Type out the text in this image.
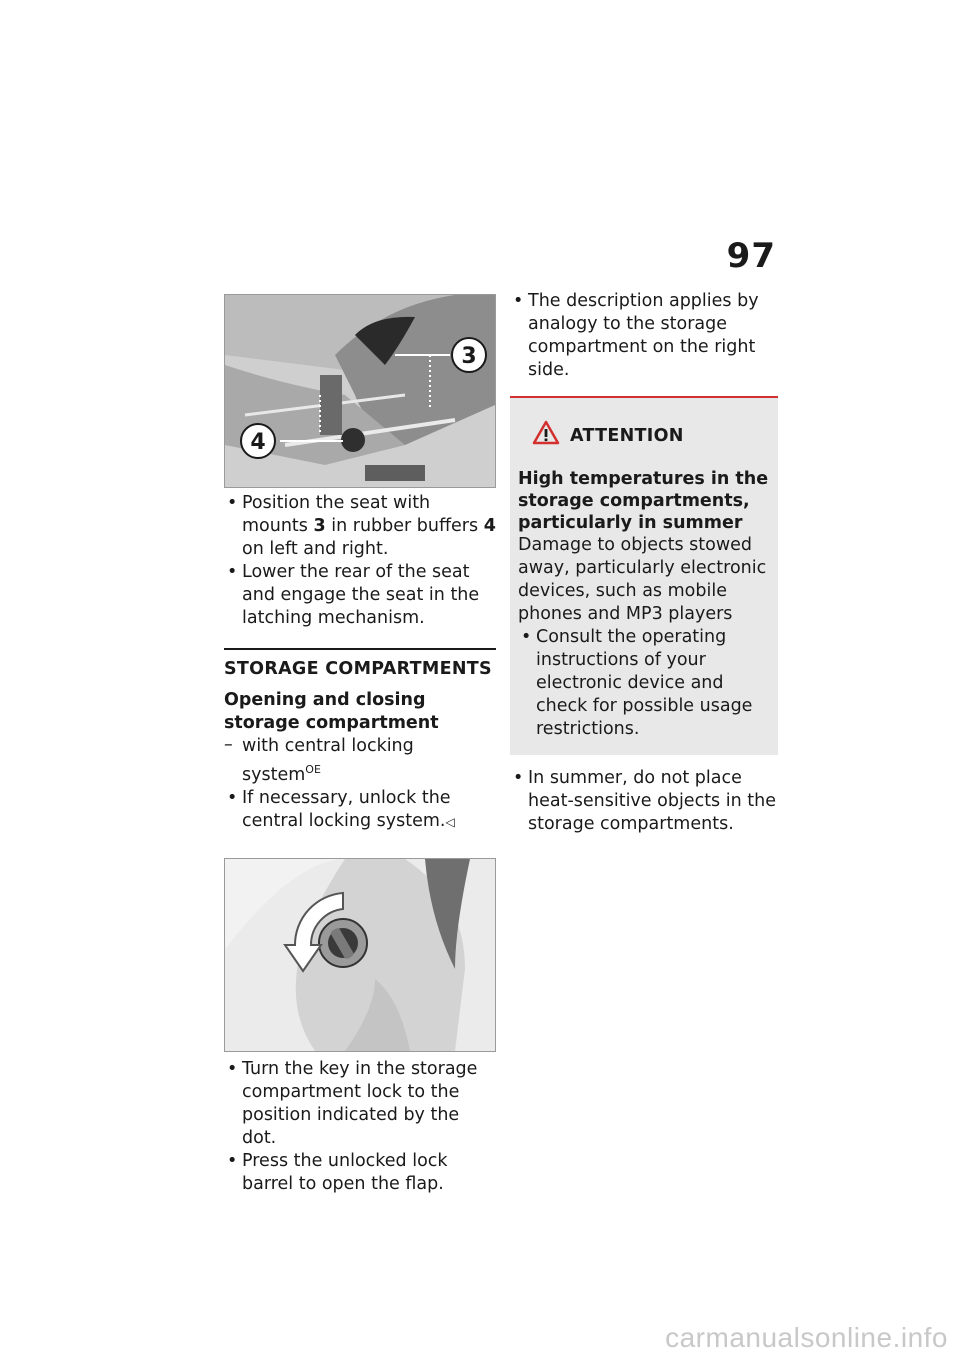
97
3
4
• Position the seat with mounts 3 in rubber buffers 4 on left and right.
• Lower the rear of the seat and engage the seat in the latching mechanism.
STORAGE COMPARTMENTS
Opening and closing storage compartment
– with central locking system$^{OE}$
• If necessary, unlock the central locking system.◁
• Turn the key in the storage compartment lock to the position indicated by the dot.
• Press the unlocked lock barrel to open the flap.
• The description applies by analogy to the storage compartment on the right side.
ATTENTION
High temperatures in the storage compartments, particularly in summer
Damage to objects stowed away, particularly electronic devices, such as mobile phones and MP3 players
• Consult the operating instructions of your electronic device and check for possible usage restrictions.
• In summer, do not place heat-sensitive objects in the storage compartments.
carmanualsonline.info
